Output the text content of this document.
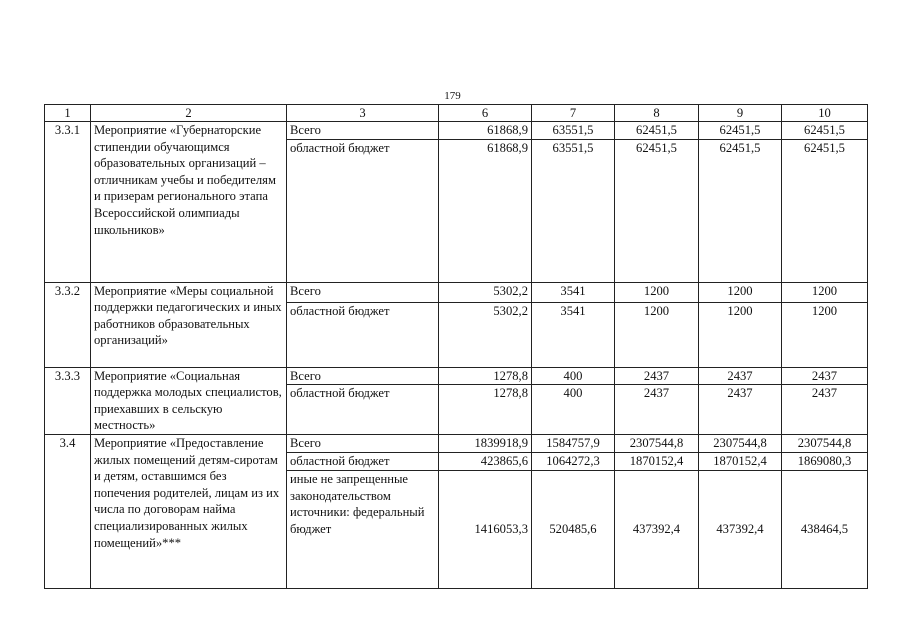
179
1	2	3	6	7	8	9	10
3.3.1	Мероприятие «Губернаторские стипендии обучающимся образовательных организаций – отличникам учебы и победителям и призерам регионального этапа Всероссийской олимпиады школьников»	Всего	61868,9	63551,5	62451,5	62451,5	62451,5
		областной бюджет	61868,9	63551,5	62451,5	62451,5	62451,5
3.3.2	Мероприятие «Меры социальной поддержки педагогических и иных работников образовательных организаций»	Всего	5302,2	3541	1200	1200	1200
		областной бюджет	5302,2	3541	1200	1200	1200
3.3.3	Мероприятие «Социальная поддержка молодых специалистов, приехавших в сельскую местность»	Всего	1278,8	400	2437	2437	2437
		областной бюджет	1278,8	400	2437	2437	2437
3.4	Мероприятие «Предоставление жилых помещений детям-сиротам и детям, оставшимся без попечения родителей, лицам из их числа по договорам найма специализированных жилых помещений»***	Всего	1839918,9	1584757,9	2307544,8	2307544,8	2307544,8
		областной бюджет	423865,6	1064272,3	1870152,4	1870152,4	1869080,3
		иные не запрещенные законодательством источники: федеральный бюджет	1416053,3	520485,6	437392,4	437392,4	438464,5
